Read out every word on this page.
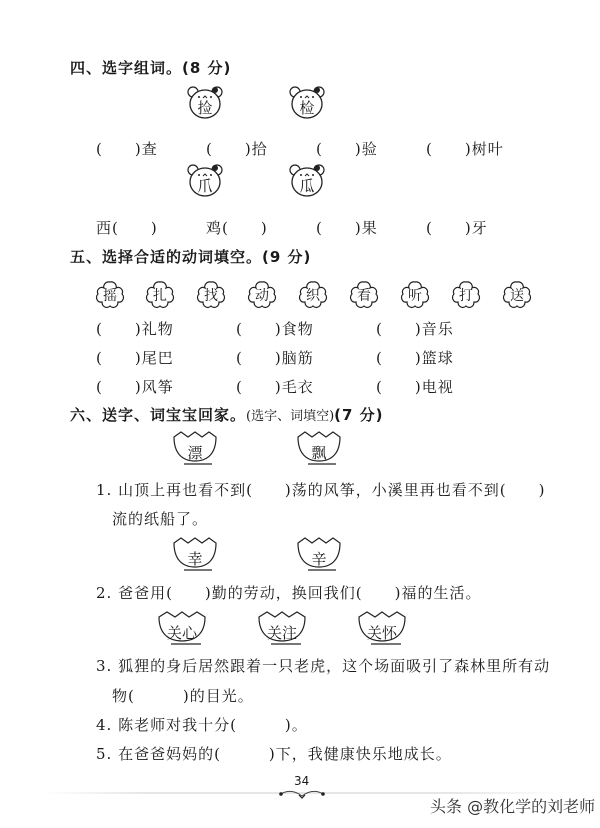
四、选字组词。(8 分)
捡	检
(　　)查	(　　)拾	(　　)验	(　　)树叶
爪	瓜
西(　　)	鸡(　　)	(　　)果	(　　)牙
五、选择合适的动词填空。(9 分)
摇	扎	找	动	织	看	听	打	送
(　　)礼物	(　　)食物	(　　)音乐
(　　)尾巴	(　　)脑筋	(　　)篮球
(　　)风筝	(　　)毛衣	(　　)电视
六、送字、词宝宝回家。(选字、词填空)(7 分)
漂	飘
1. 山顶上再也看不到(　　)荡的风筝，小溪里再也看不到(　　)
流的纸船了。
幸	辛
2. 爸爸用(　　)勤的劳动，换回我们(　　)福的生活。
关心	关注	关怀
3. 狐狸的身后居然跟着一只老虎，这个场面吸引了森林里所有动
物(　　　)的目光。
4. 陈老师对我十分(　　　)。
5. 在爸爸妈妈的(　　　)下，我健康快乐地成长。
34
头条 @教化学的刘老师
